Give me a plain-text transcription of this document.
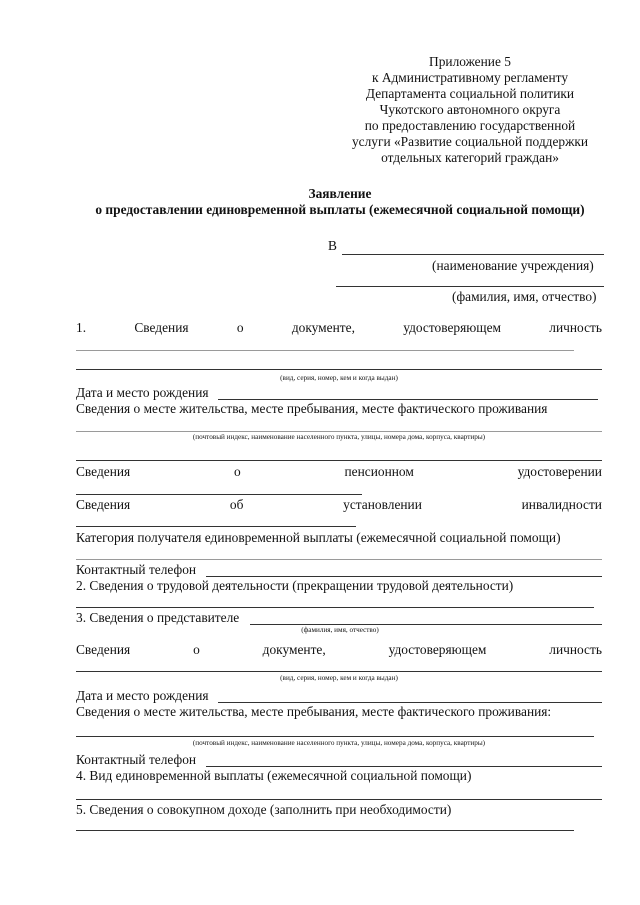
Приложение 5
к Административному регламенту
Департамента социальной политики
Чукотского автономного округа
по предоставлению государственной
услуги «Развитие социальной поддержки
отдельных категорий граждан»
Заявление
о предоставлении единовременной выплаты (ежемесячной социальной помощи)
В
(наименование учреждения)
(фамилия, имя, отчество)
1.	Сведения	о	документе,	удостоверяющем	личность
(вид, серия, номер, кем и когда выдан)
Дата и место рождения
Сведения о месте жительства, месте пребывания, месте фактического проживания
(почтовый индекс, наименование населенного пункта, улицы, номера дома, корпуса, квартиры)
Сведения	о	пенсионном	удостоверении
Сведения	об	установлении	инвалидности
Категория получателя единовременной выплаты (ежемесячной социальной помощи)
Контактный телефон
2. Сведения о трудовой деятельности (прекращении трудовой деятельности)
3. Сведения о представителе
(фамилия, имя, отчество)
Сведения	о	документе,	удостоверяющем	личность
(вид, серия, номер, кем и когда выдан)
Дата и место рождения
Сведения о месте жительства, месте пребывания, месте фактического проживания:
(почтовый индекс, наименование населенного пункта, улицы, номера дома, корпуса, квартиры)
Контактный телефон
4. Вид единовременной выплаты (ежемесячной социальной помощи)
5. Сведения о совокупном доходе (заполнить при необходимости)
